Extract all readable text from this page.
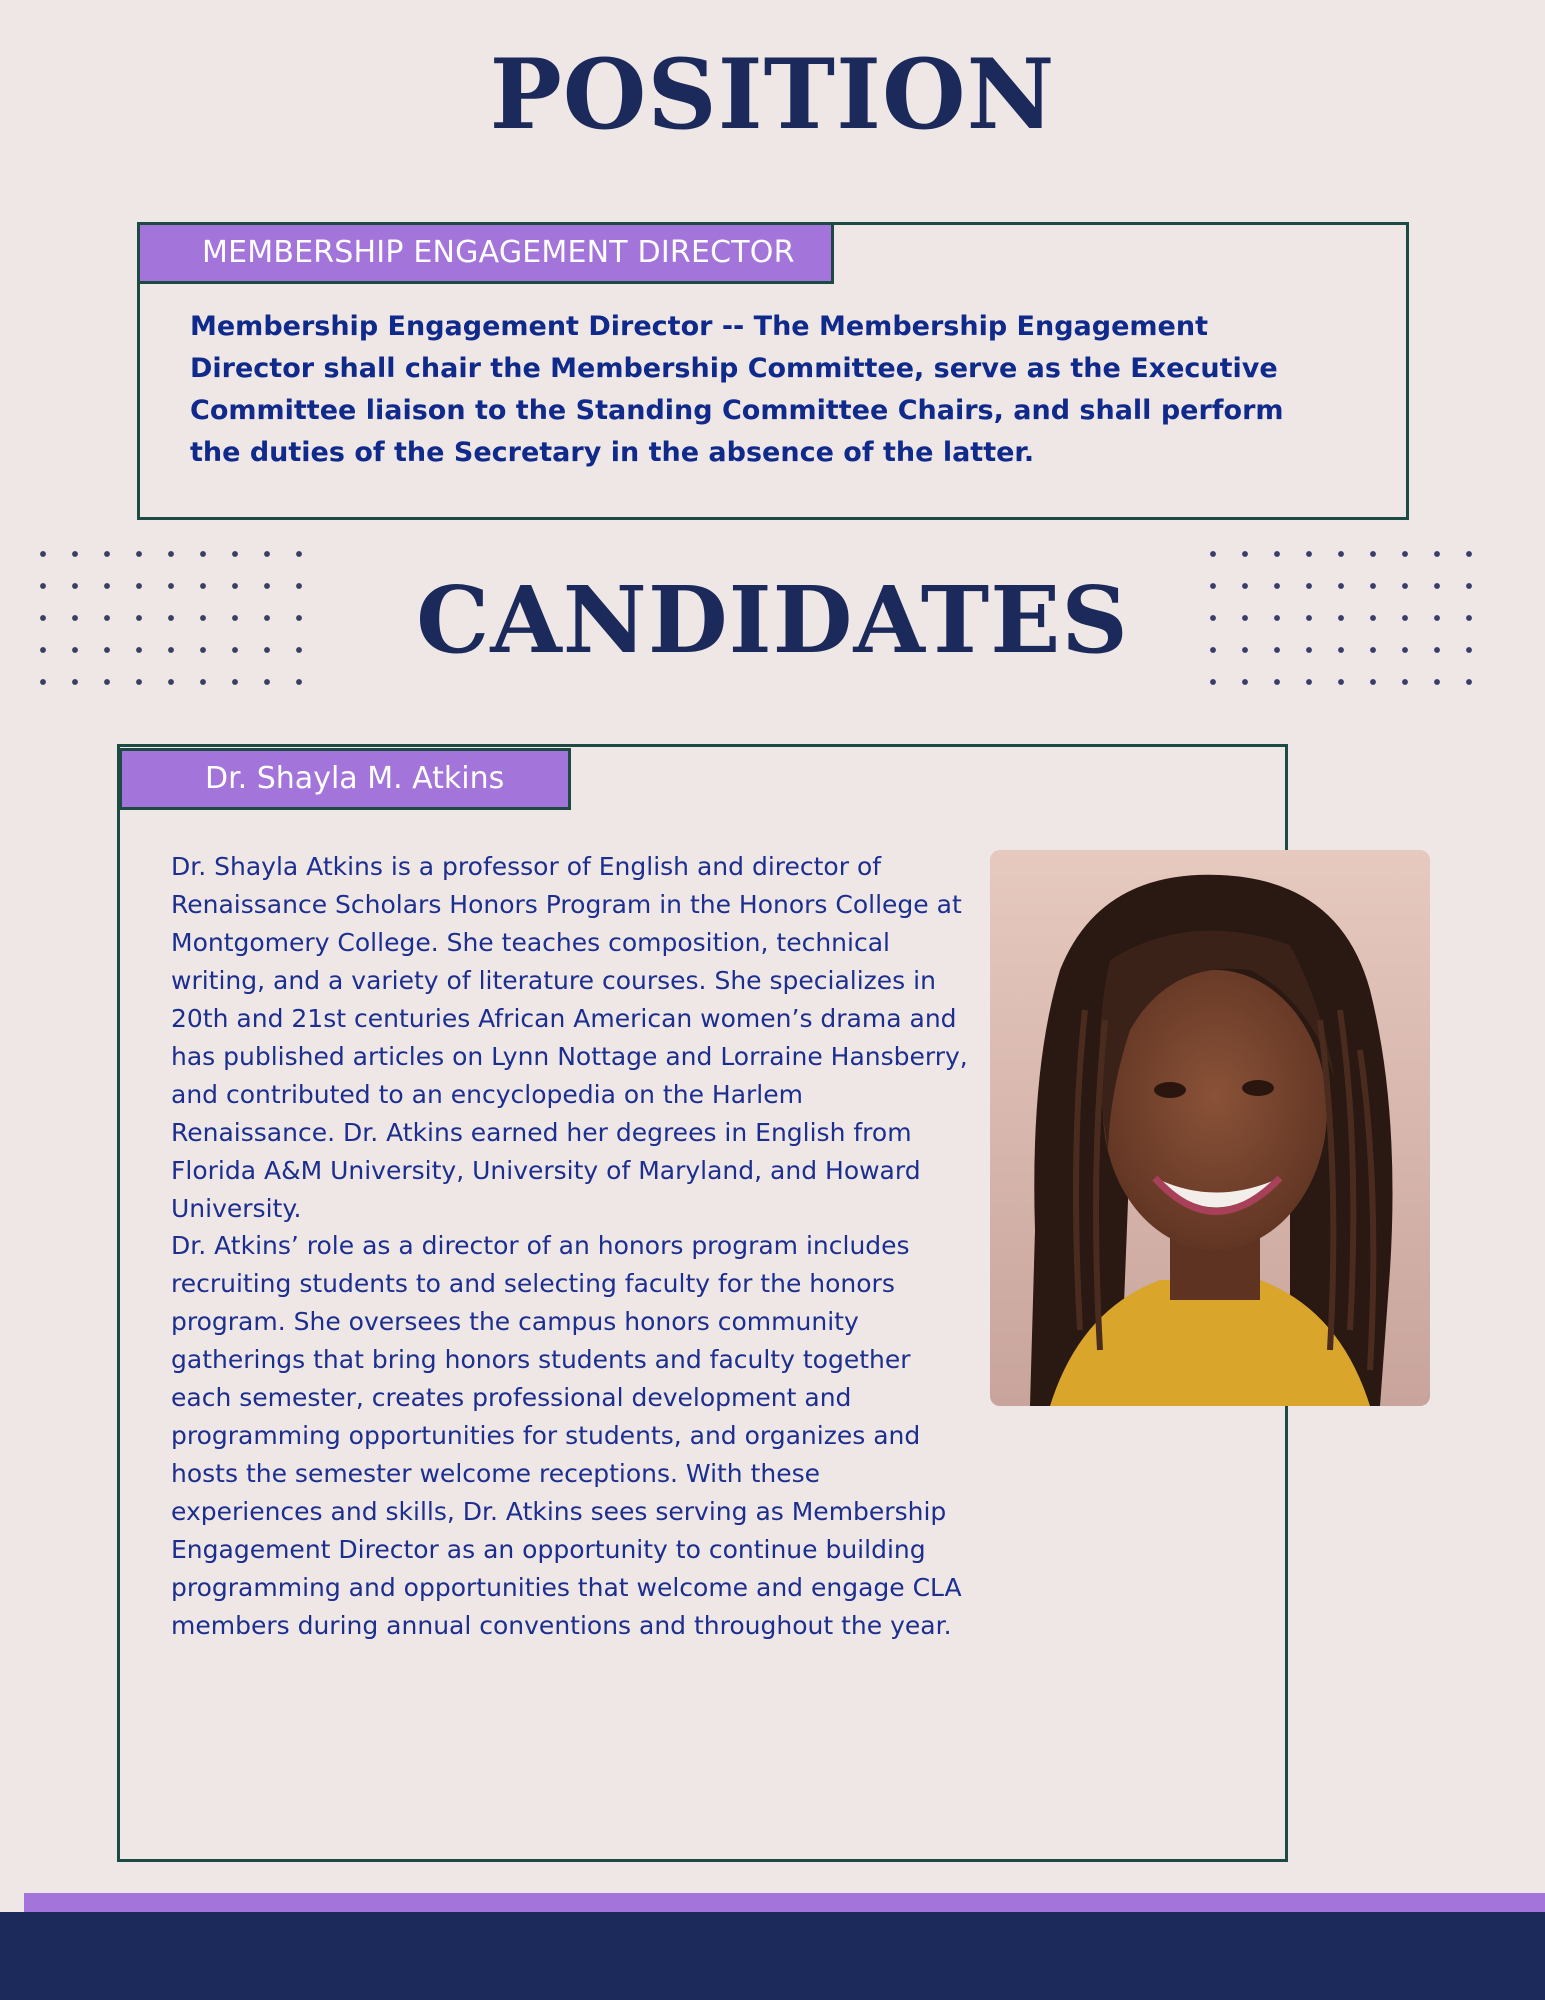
POSITION
MEMBERSHIP ENGAGEMENT DIRECTOR

Membership Engagement Director -- The Membership Engagement Director shall chair the Membership Committee, serve as the Executive Committee liaison to the Standing Committee Chairs, and shall perform the duties of the Secretary in the absence of the latter.

CANDIDATES
Dr. Shayla M. Atkins

Dr. Shayla Atkins is a professor of English and director of Renaissance Scholars Honors Program in the Honors College at Montgomery College. She teaches composition, technical writing, and a variety of literature courses. She specializes in 20th and 21st centuries African American women’s drama and has published articles on Lynn Nottage and Lorraine Hansberry, and contributed to an encyclopedia on the Harlem Renaissance. Dr. Atkins earned her degrees in English from Florida A&M University, University of Maryland, and Howard University.

Dr. Atkins’ role as a director of an honors program includes recruiting students to and selecting faculty for the honors program. She oversees the campus honors community gatherings that bring honors students and faculty together each semester, creates professional development and programming opportunities for students, and organizes and hosts the semester welcome receptions. With these experiences and skills, Dr. Atkins sees serving as Membership Engagement Director as an opportunity to continue building programming and opportunities that welcome and engage CLA members during annual conventions and throughout the year.
